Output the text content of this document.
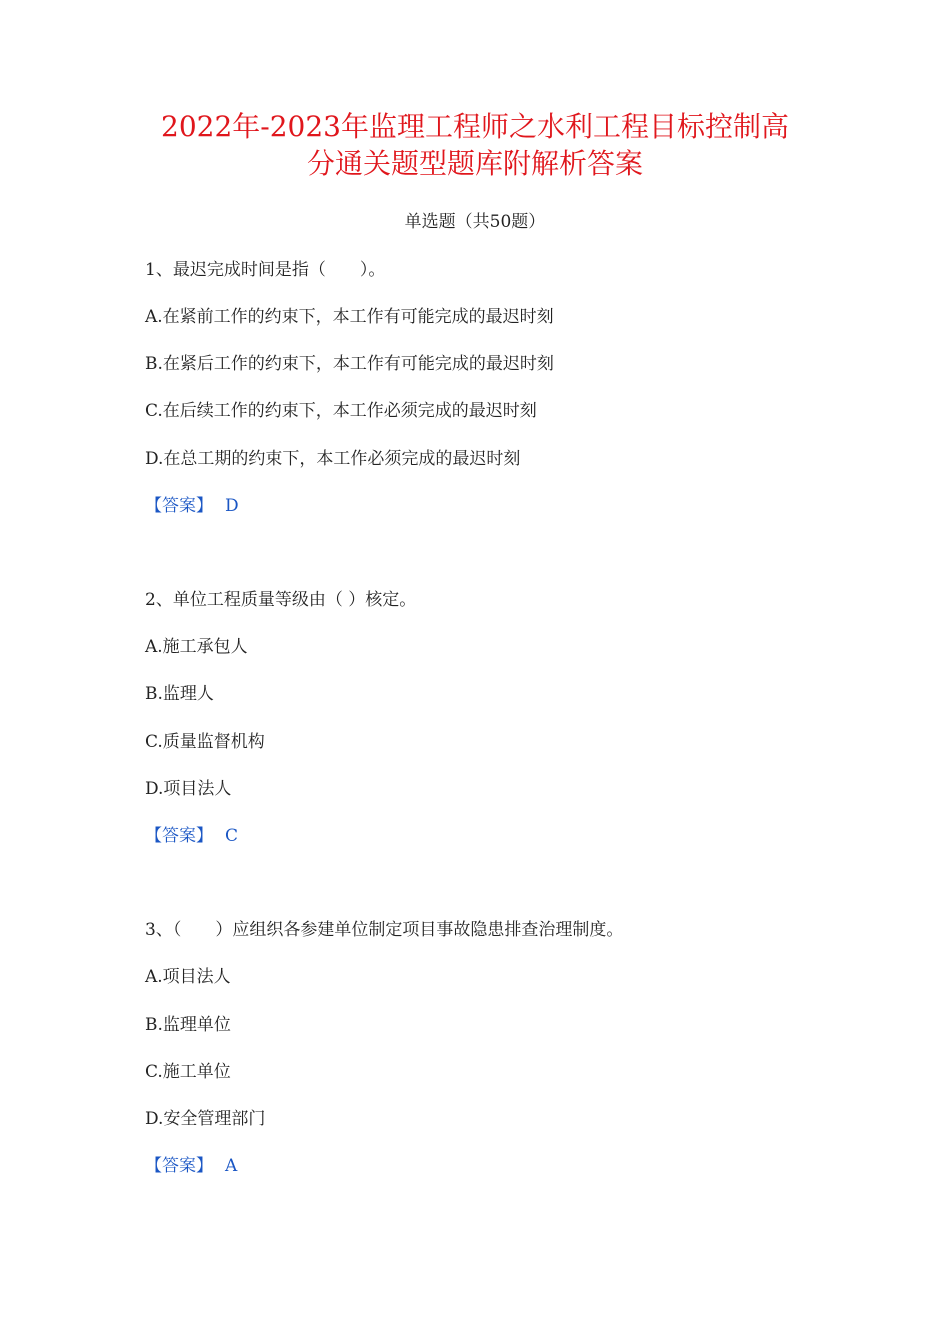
2022年-2023年监理工程师之水利工程目标控制高
分通关题型题库附解析答案
单选题（共50题）
1、最迟完成时间是指（　　）。
A.在紧前工作的约束下，本工作有可能完成的最迟时刻
B.在紧后工作的约束下，本工作有可能完成的最迟时刻
C.在后续工作的约束下，本工作必须完成的最迟时刻
D.在总工期的约束下，本工作必须完成的最迟时刻
【答案】 D
2、单位工程质量等级由（ ）核定。
A.施工承包人
B.监理人
C.质量监督机构
D.项目法人
【答案】 C
3、（　　）应组织各参建单位制定项目事故隐患排查治理制度。
A.项目法人
B.监理单位
C.施工单位
D.安全管理部门
【答案】 A
